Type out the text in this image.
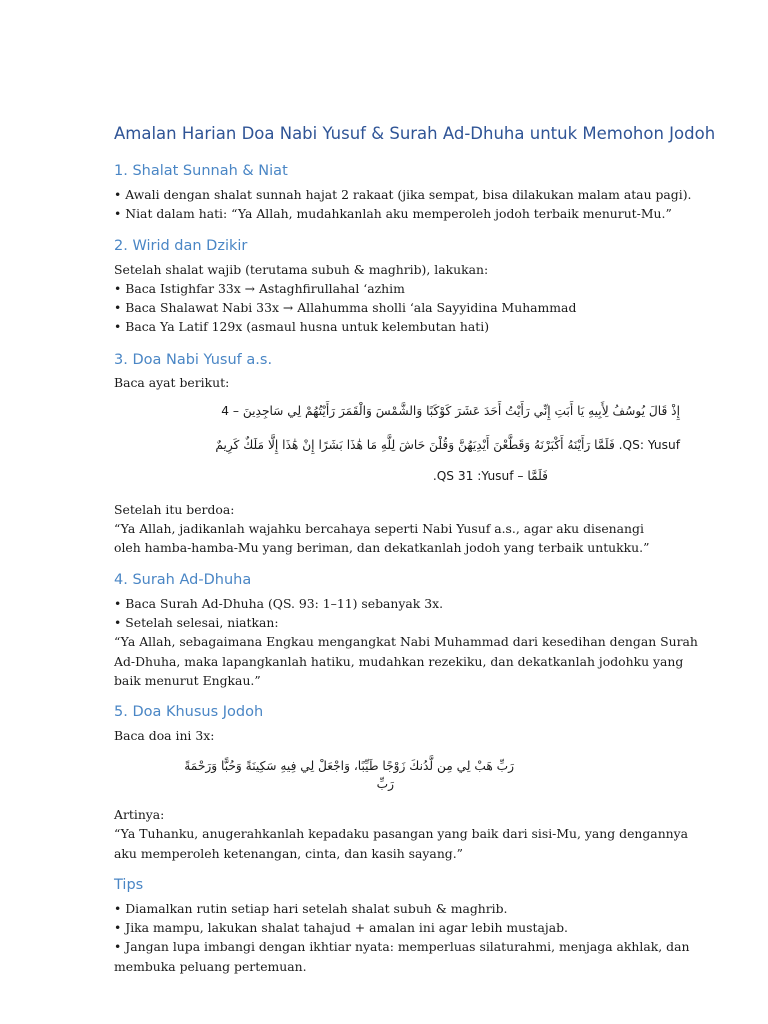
Amalan Harian Doa Nabi Yusuf & Surah Ad-Dhuha untuk Memohon Jodoh
1. Shalat Sunnah & Niat
• Awali dengan shalat sunnah hajat 2 rakaat (jika sempat, bisa dilakukan malam atau pagi).
• Niat dalam hati: “Ya Allah, mudahkanlah aku memperoleh jodoh terbaik menurut-Mu.”
2. Wirid dan Dzikir
Setelah shalat wajib (terutama subuh & maghrib), lakukan:
• Baca Istighfar 33x → Astaghfirullahal ‘azhim
• Baca Shalawat Nabi 33x → Allahumma sholli ‘ala Sayyidina Muhammad
• Baca Ya Latif 129x (asmaul husna untuk kelembutan hati)
3. Doa Nabi Yusuf a.s.
Baca ayat berikut:
إِذْ قَالَ يُوسُفُ لِأَبِيهِ يَا أَبَتِ إِنِّي رَأَيْتُ أَحَدَ عَشَرَ كَوْكَبًا وَالشَّمْسَ وَالْقَمَرَ رَأَيْتُهُمْ لِي سَاجِدِينَ – 4
QS: Yusuf. فَلَمَّا رَأَيْنَهُ أَكْبَرْنَهُ وَقَطَّعْنَ أَيْدِيَهُنَّ وَقُلْنَ حَاشَ لِلَّهِ مَا هَٰذَا بَشَرًا إِنْ هَٰذَا إِلَّا مَلَكٌ كَرِيمٌ
فَلَمَّا – QS 31 :Yusuf.
Setelah itu berdoa:
“Ya Allah, jadikanlah wajahku bercahaya seperti Nabi Yusuf a.s., agar aku disenangi
oleh hamba-hamba-Mu yang beriman, dan dekatkanlah jodoh yang terbaik untukku.”
4. Surah Ad-Dhuha
• Baca Surah Ad-Dhuha (QS. 93: 1–11) sebanyak 3x.
• Setelah selesai, niatkan:
“Ya Allah, sebagaimana Engkau mengangkat Nabi Muhammad dari kesedihan dengan Surah
Ad-Dhuha, maka lapangkanlah hatiku, mudahkan rezekiku, dan dekatkanlah jodohku yang
baik menurut Engkau.”
5. Doa Khusus Jodoh
Baca doa ini 3x:
رَبِّ هَبْ لِي مِن لَّدُنكَ زَوْجًا طَيِّبًا، وَاجْعَلْ لِي فِيهِ سَكِينَةً وَحُبًّا وَرَحْمَةً
رَبِّ
Artinya:
“Ya Tuhanku, anugerahkanlah kepadaku pasangan yang baik dari sisi-Mu, yang dengannya
aku memperoleh ketenangan, cinta, dan kasih sayang.”
Tips
• Diamalkan rutin setiap hari setelah shalat subuh & maghrib.
• Jika mampu, lakukan shalat tahajud + amalan ini agar lebih mustajab.
• Jangan lupa imbangi dengan ikhtiar nyata: memperluas silaturahmi, menjaga akhlak, dan
membuka peluang pertemuan.
